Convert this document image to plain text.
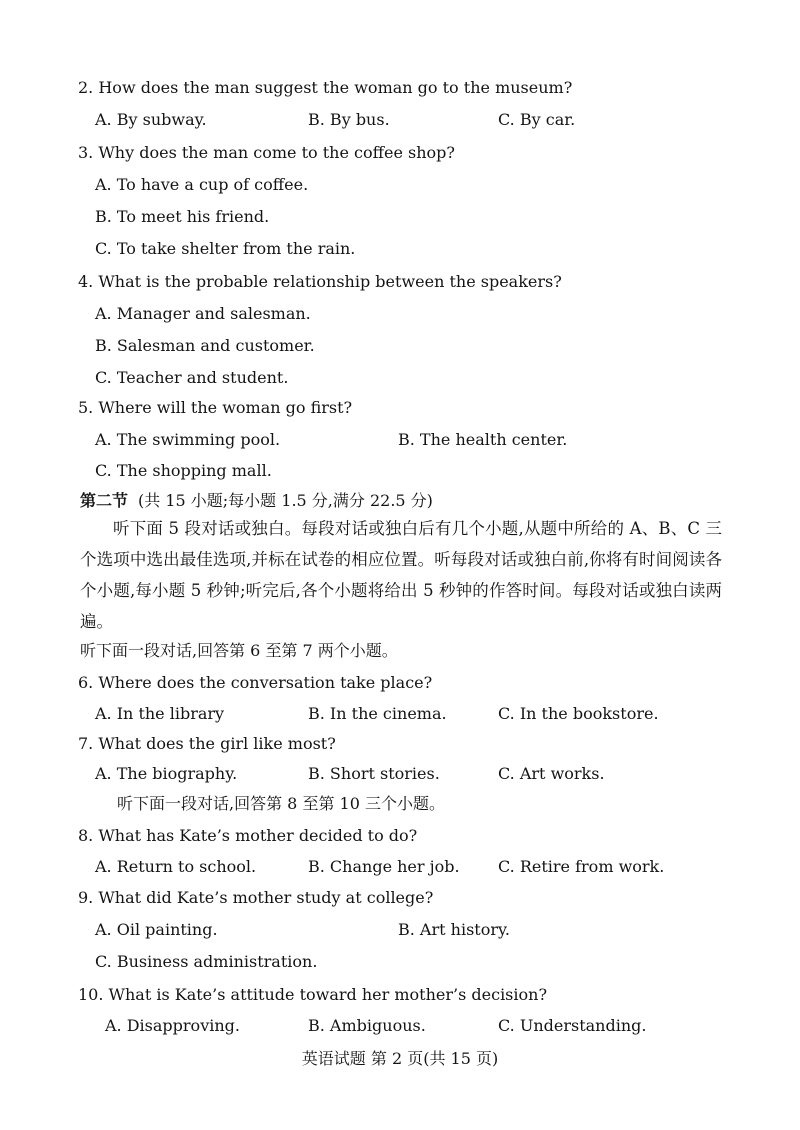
2. How does the man suggest the woman go to the museum?
A. By subway.	B. By bus.	C. By car.
3. Why does the man come to the coffee shop?
A. To have a cup of coffee.
B. To meet his friend.
C. To take shelter from the rain.
4. What is the probable relationship between the speakers?
A. Manager and salesman.
B. Salesman and customer.
C. Teacher and student.
5. Where will the woman go first?
A. The swimming pool.	B. The health center.
C. The shopping mall.
第二节 (共 15 小题;每小题 1.5 分,满分 22.5 分)
听下面 5 段对话或独白。每段对话或独白后有几个小题,从题中所给的 A、B、C 三个选项中选出最佳选项,并标在试卷的相应位置。听每段对话或独白前,你将有时间阅读各个小题,每小题 5 秒钟;听完后,各个小题将给出 5 秒钟的作答时间。每段对话或独白读两遍。
听下面一段对话,回答第 6 至第 7 两个小题。
6. Where does the conversation take place?
A. In the library	B. In the cinema.	C. In the bookstore.
7. What does the girl like most?
A. The biography.	B. Short stories.	C. Art works.
听下面一段对话,回答第 8 至第 10 三个小题。
8. What has Kate’s mother decided to do?
A. Return to school.	B. Change her job. C. Retire from work.
9. What did Kate’s mother study at college?
A. Oil painting.	B. Art history.
C. Business administration.
10. What is Kate’s attitude toward her mother’s decision?
A. Disapproving.	B. Ambiguous.	C. Understanding.
英语试题 第 2 页(共 15 页)
